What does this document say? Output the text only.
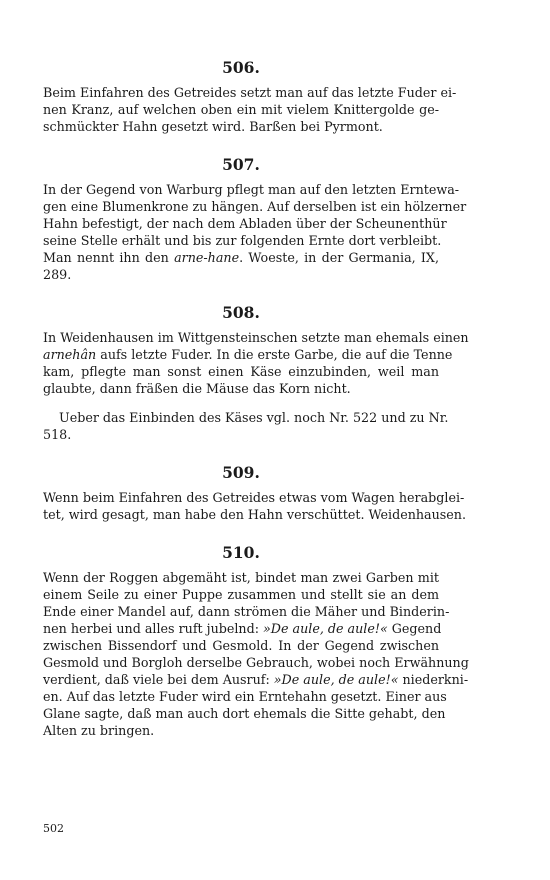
506.
Beim Einfahren des Getreides setzt man auf das letzte Fuder ei-
nen Kranz, auf welchen oben ein mit vielem Knittergolde ge-
schmückter Hahn gesetzt wird. Barßen bei Pyrmont.
507.
In der Gegend von Warburg pflegt man auf den letzten Erntewa-
gen eine Blumenkrone zu hängen. Auf derselben ist ein hölzerner
Hahn befestigt, der nach dem Abladen über der Scheunenthür
seine Stelle erhält und bis zur folgenden Ernte dort verbleibt.
Man nennt ihn den arne-hane. Woeste, in der Germania, IX,
289.
508.
In Weidenhausen im Wittgensteinschen setzte man ehemals einen
arnehân aufs letzte Fuder. In die erste Garbe, die auf die Tenne
kam, pflegte man sonst einen Käse einzubinden, weil man
glaubte, dann fräßen die Mäuse das Korn nicht.
Ueber das Einbinden des Käses vgl. noch Nr. 522 und zu Nr.
518.
509.
Wenn beim Einfahren des Getreides etwas vom Wagen herabglei-
tet, wird gesagt, man habe den Hahn verschüttet. Weidenhausen.
510.
Wenn der Roggen abgemäht ist, bindet man zwei Garben mit
einem Seile zu einer Puppe zusammen und stellt sie an dem
Ende einer Mandel auf, dann strömen die Mäher und Binderin-
nen herbei und alles ruft jubelnd: »De aule, de aule!« Gegend
zwischen Bissendorf und Gesmold. In der Gegend zwischen
Gesmold und Borgloh derselbe Gebrauch, wobei noch Erwähnung
verdient, daß viele bei dem Ausruf: »De aule, de aule!« niederkni-
en. Auf das letzte Fuder wird ein Erntehahn gesetzt. Einer aus
Glane sagte, daß man auch dort ehemals die Sitte gehabt, den
Alten zu bringen.
502
